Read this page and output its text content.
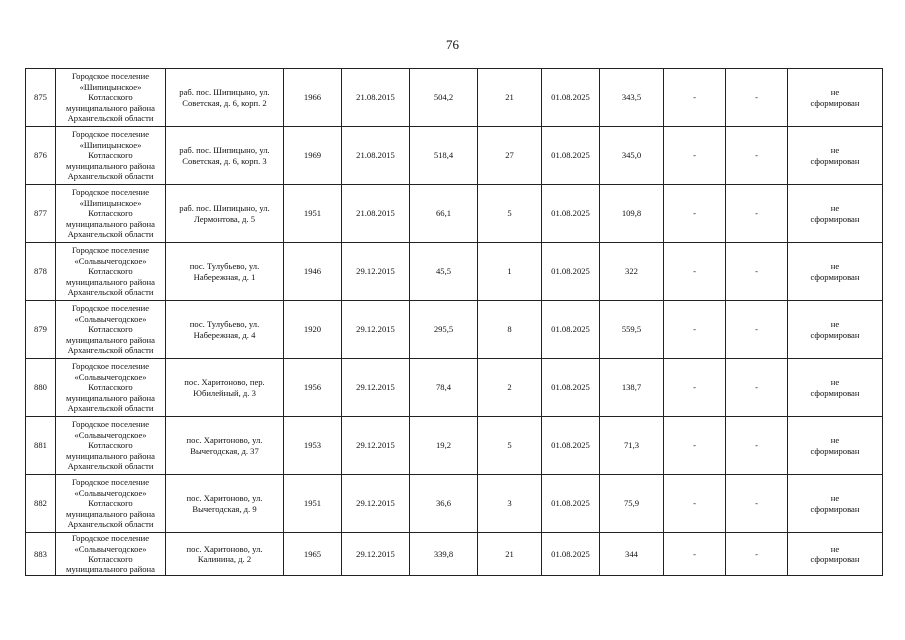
76
875	Городское поселение
«Шипицынское»
Котласского
муниципального района
Архангельской области	раб. пос. Шипицыно, ул.
Советская, д. 6, корп. 2	1966	21.08.2015	504,2	21	01.08.2025	343,5	-	-	не
сформирован
876	Городское поселение
«Шипицынское»
Котласского
муниципального района
Архангельской области	раб. пос. Шипицыно, ул.
Советская, д. 6, корп. 3	1969	21.08.2015	518,4	27	01.08.2025	345,0	-	-	не
сформирован
877	Городское поселение
«Шипицынское»
Котласского
муниципального района
Архангельской области	раб. пос. Шипицыно, ул.
Лермонтова, д. 5	1951	21.08.2015	66,1	5	01.08.2025	109,8	-	-	не
сформирован
878	Городское поселение
«Сольвычегодское»
Котласского
муниципального района
Архангельской области	пос. Тулубьево, ул.
Набережная, д. 1	1946	29.12.2015	45,5	1	01.08.2025	322	-	-	не
сформирован
879	Городское поселение
«Сольвычегодское»
Котласского
муниципального района
Архангельской области	пос. Тулубьево, ул.
Набережная, д. 4	1920	29.12.2015	295,5	8	01.08.2025	559,5	-	-	не
сформирован
880	Городское поселение
«Сольвычегодское»
Котласского
муниципального района
Архангельской области	пос. Харитоново, пер.
Юбилейный, д. 3	1956	29.12.2015	78,4	2	01.08.2025	138,7	-	-	не
сформирован
881	Городское поселение
«Сольвычегодское»
Котласского
муниципального района
Архангельской области	пос. Харитоново, ул.
Вычегодская, д. 37	1953	29.12.2015	19,2	5	01.08.2025	71,3	-	-	не
сформирован
882	Городское поселение
«Сольвычегодское»
Котласского
муниципального района
Архангельской области	пос. Харитоново, ул.
Вычегодская, д. 9	1951	29.12.2015	36,6	3	01.08.2025	75,9	-	-	не
сформирован
883	Городское поселение
«Сольвычегодское»
Котласского
муниципального района	пос. Харитоново, ул.
Калинина, д. 2	1965	29.12.2015	339,8	21	01.08.2025	344	-	-	не
сформирован
